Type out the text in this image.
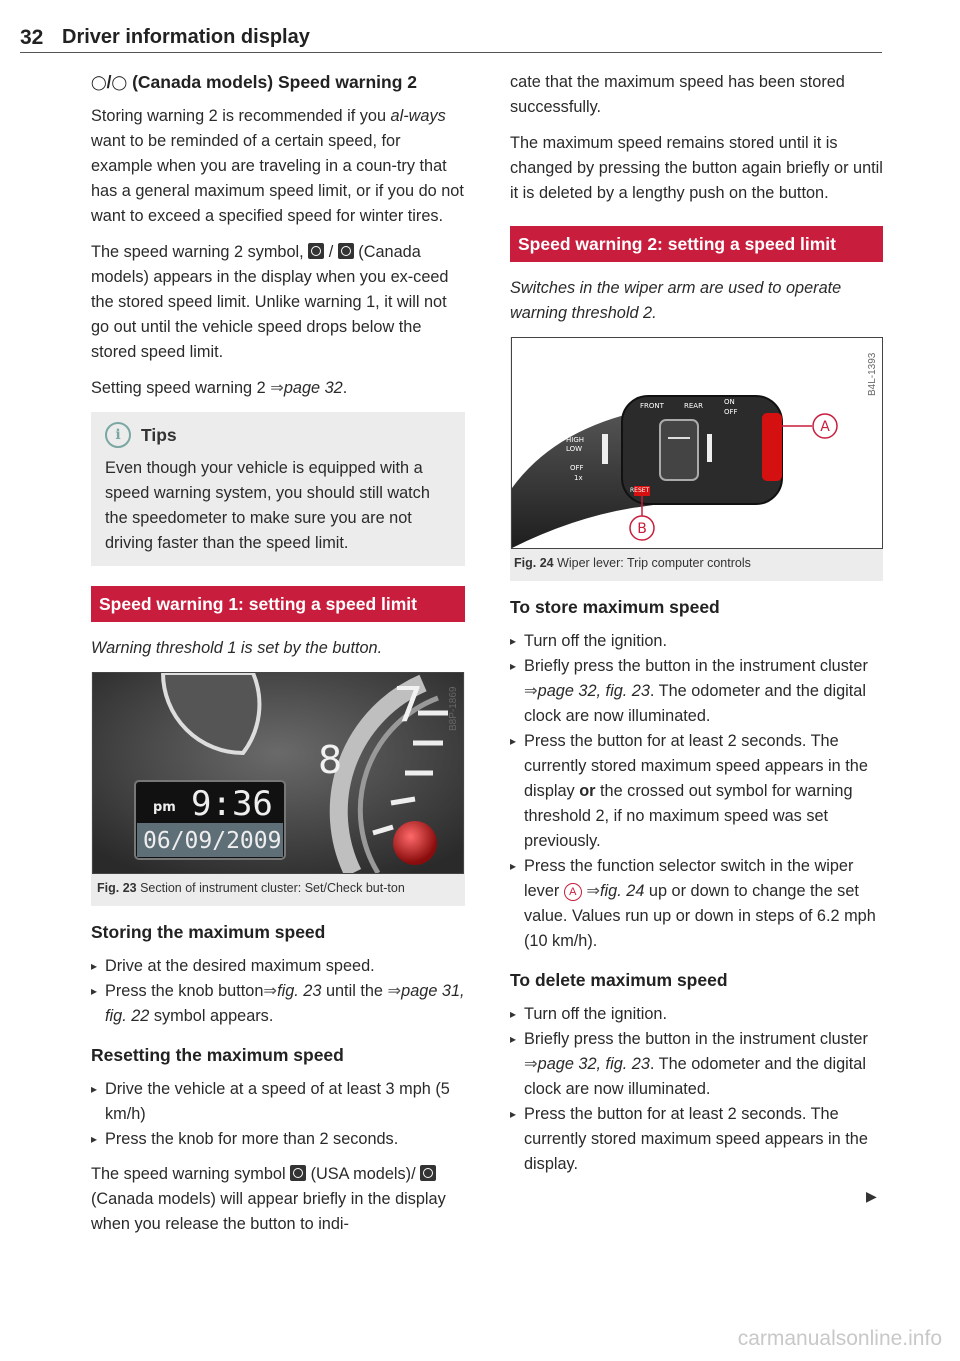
32 Driver information display
◯/◯ (Canada models) Speed warning 2

Storing warning 2 is recommended if you al-ways want to be reminded of a certain speed, for example when you are traveling in a coun-try that has a general maximum speed limit, or if you do not want to exceed a specified speed for winter tires.

The speed warning 2 symbol,  /  (Canada models) appears in the display when you ex-ceed the stored speed limit. Unlike warning 1, it will not go out until the vehicle speed drops below the stored speed limit.

Setting speed warning 2 ⇒page 32.

i	Tips

Even though your vehicle is equipped with a speed warning system, you should still watch the speedometer to make sure you are not driving faster than the speed limit.

Speed warning 1: setting a speed limit

Warning threshold 1 is set by the button.

7
8
pm 9:36
06/09/2009
B8P-1869
Fig. 23 Section of instrument cluster: Set/Check but-ton
Storing the maximum speed
▸ Drive at the desired maximum speed.
▸ Press the knob button⇒fig. 23 until the ⇒page 31, fig. 22 symbol appears.
Resetting the maximum speed
▸ Drive the vehicle at a speed of at least 3 mph (5 km/h)
▸ Press the knob for more than 2 seconds.

The speed warning symbol  (USA models)/  (Canada models) will appear briefly in the display when you release the button to indi-

cate that the maximum speed has been stored successfully.

The maximum speed remains stored until it is changed by pressing the button again briefly or until it is deleted by a lengthy push on the button.

Speed warning 2: setting a speed limit

Switches in the wiper arm are used to operate warning threshold 2.

FRONT	REAR	ON
OFF
HIGH
LOW
OFF
1x
RESET
A
B
B4L-1393
Fig. 24 Wiper lever: Trip computer controls
To store maximum speed
▸ Turn off the ignition.
▸ Briefly press the button in the instrument cluster ⇒page 32, fig. 23. The odometer and the digital clock are now illuminated.
▸ Press the button for at least 2 seconds. The currently stored maximum speed appears in the display or the crossed out symbol for warning threshold 2, if no maximum speed was set previously.
▸ Press the function selector switch in the wiper lever A ⇒fig. 24 up or down to change the set value. Values run up or down in steps of 6.2 mph (10 km/h).
To delete maximum speed
▸ Turn off the ignition.
▸ Briefly press the button in the instrument cluster ⇒page 32, fig. 23. The odometer and the digital clock are now illuminated.
▸ Press the button for at least 2 seconds. The currently stored maximum speed appears in the display.
▶
carmanualsonline.info
